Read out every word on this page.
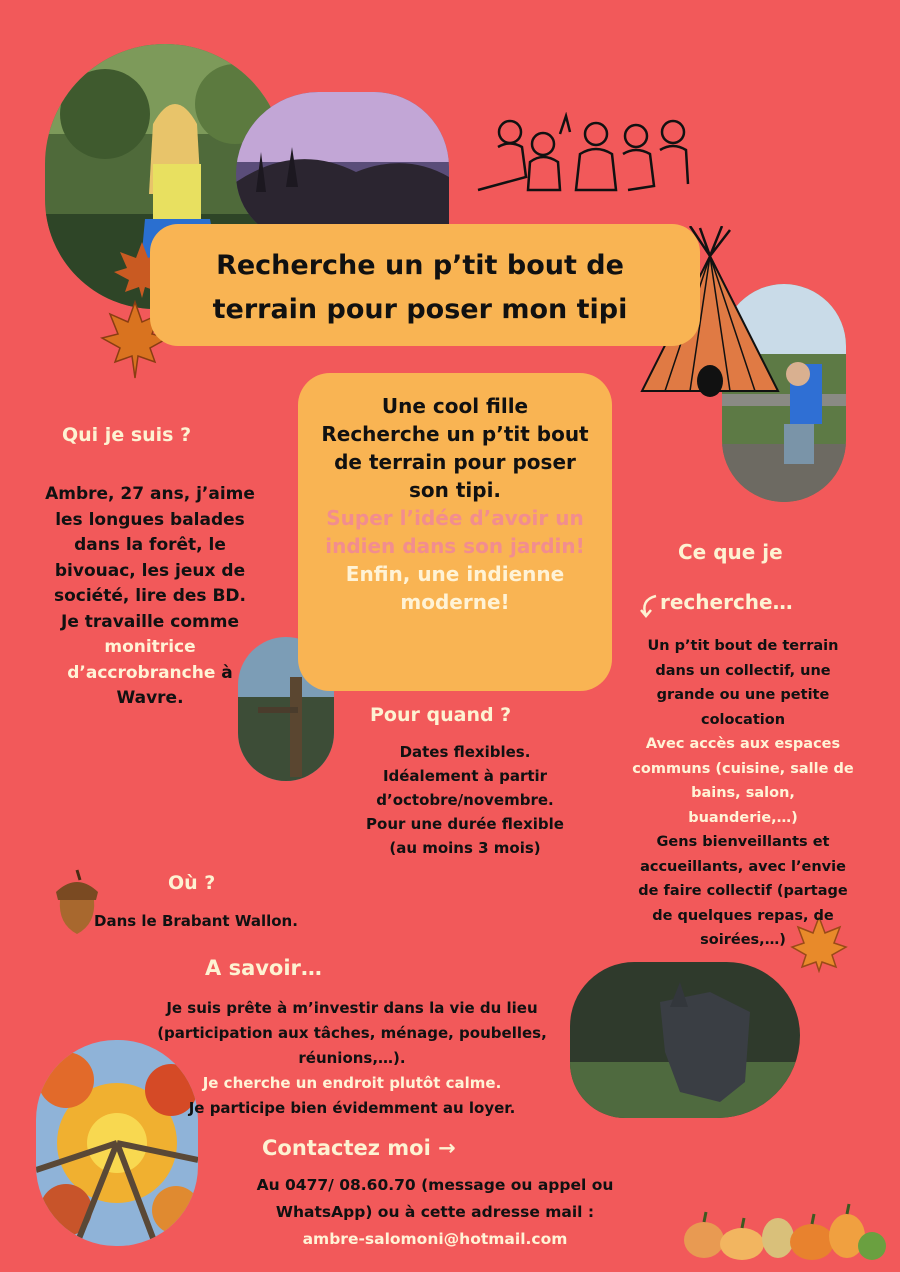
Recherche un p’tit bout de
terrain pour poser mon tipi
Une cool fille
Recherche un p’tit bout
de terrain pour poser
son tipi.
Super l’idée d’avoir un
indien dans son jardin!
Enfin, une indienne
moderne!
Qui je suis ?
Ambre, 27 ans, j’aime
les longues balades
dans la forêt, le
bivouac, les jeux de
société, lire des BD.
Je travaille comme
monitrice
d’accrobranche à
Wavre.
Pour quand ?
Dates flexibles.
Idéalement à partir
d’octobre/novembre.
Pour une durée flexible
(au moins 3 mois)
Ce que je
recherche…
Un p’tit bout de terrain
dans un collectif, une
grande ou une petite
colocation
Avec accès aux espaces
communs (cuisine, salle de
bains, salon,
buanderie,…)
Gens bienveillants et
accueillants, avec l’envie
de faire collectif (partage
de quelques repas, de
soirées,…)
Où ?
Dans le Brabant Wallon.
A savoir…
Je suis prête à m’investir dans la vie du lieu
(participation aux tâches, ménage, poubelles,
réunions,…).
Je cherche un endroit plutôt calme.
Je participe bien évidemment au loyer.
Contactez moi →
Au 0477/ 08.60.70 (message ou appel ou
WhatsApp) ou à cette adresse mail :
ambre-salomoni@hotmail.com
